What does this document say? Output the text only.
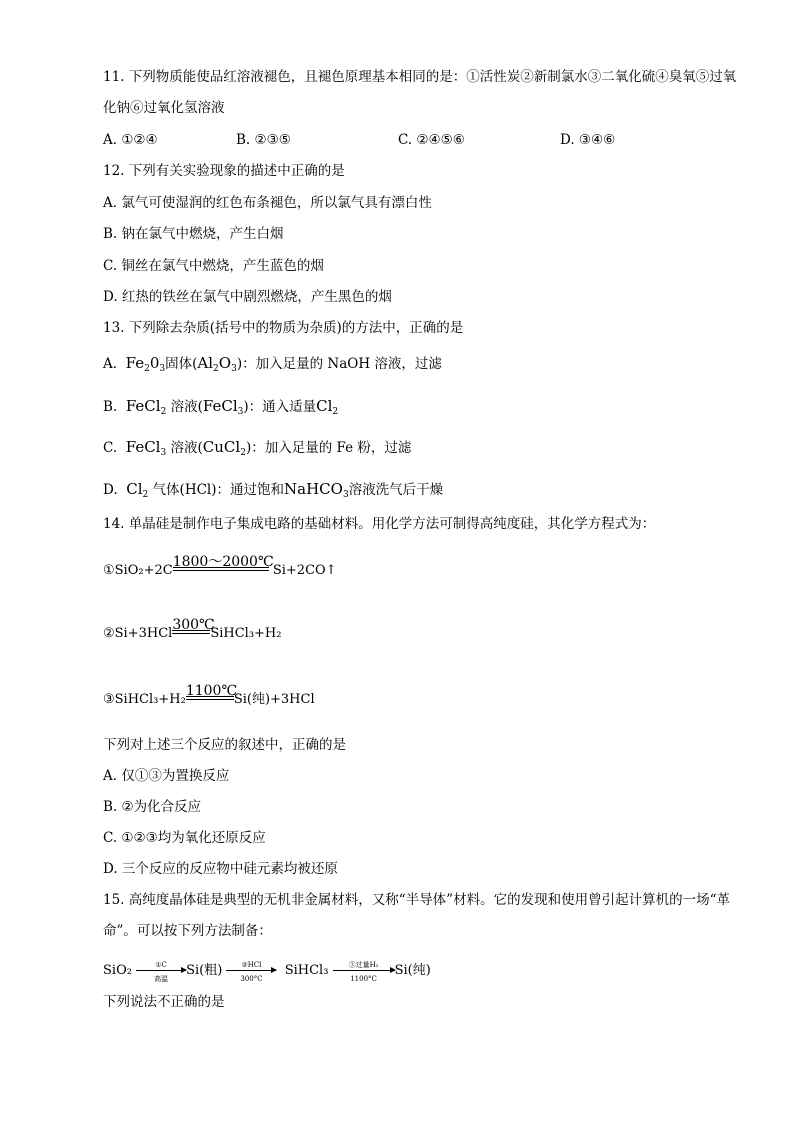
11. 下列物质能使品红溶液褪色，且褪色原理基本相同的是：①活性炭②新制氯水③二氧化硫④臭氧⑤过氧
化钠⑥过氧化氢溶液
A. ①②④	B. ②③⑤	C. ②④⑤⑥	D. ③④⑥
12. 下列有关实验现象的描述中正确的是
A. 氯气可使湿润的红色布条褪色，所以氯气具有漂白性
B. 钠在氯气中燃烧，产生白烟
C. 铜丝在氯气中燃烧，产生蓝色的烟
D. 红热的铁丝在氯气中剧烈燃烧，产生黑色的烟
13. 下列除去杂质(括号中的物质为杂质)的方法中，正确的是
A. $Fe_20_3$固体$(Al_2O_3)$：加入足量的 NaOH 溶液，过滤
B. FeCl$_2$ 溶液(FeCl$_3$)：通入适量$Cl_2$
C. FeCl$_3$ 溶液(CuCl$_2$)：加入足量的 Fe 粉，过滤
D. $Cl_2$ 气体(HCl)：通过饱和NaHCO$_3$溶液洗气后干燥
14. 单晶硅是制作电子集成电路的基础材料。用化学方法可制得高纯度硅，其化学方程式为：
①SiO₂+2C
1800～2000℃
Si+2CO↑
②Si+3HCl
300℃
SiHCl₃+H₂
③SiHCl₃+H₂
1100℃
Si(纯)+3HCl
下列对上述三个反应的叙述中，正确的是
A. 仅①③为置换反应
B. ②为化合反应
C. ①②③均为氧化还原反应
D. 三个反应的反应物中硅元素均被还原
15. 高纯度晶体硅是典型的无机非金属材料，又称“半导体”材料。它的发现和使用曾引起计算机的一场“革
命”。可以按下列方法制备：
SiO₂	①C
高温
Si(粗)	②HCl
300°C
SiHCl₃	③过量H₂
1100°C
Si(纯)
下列说法不正确的是
